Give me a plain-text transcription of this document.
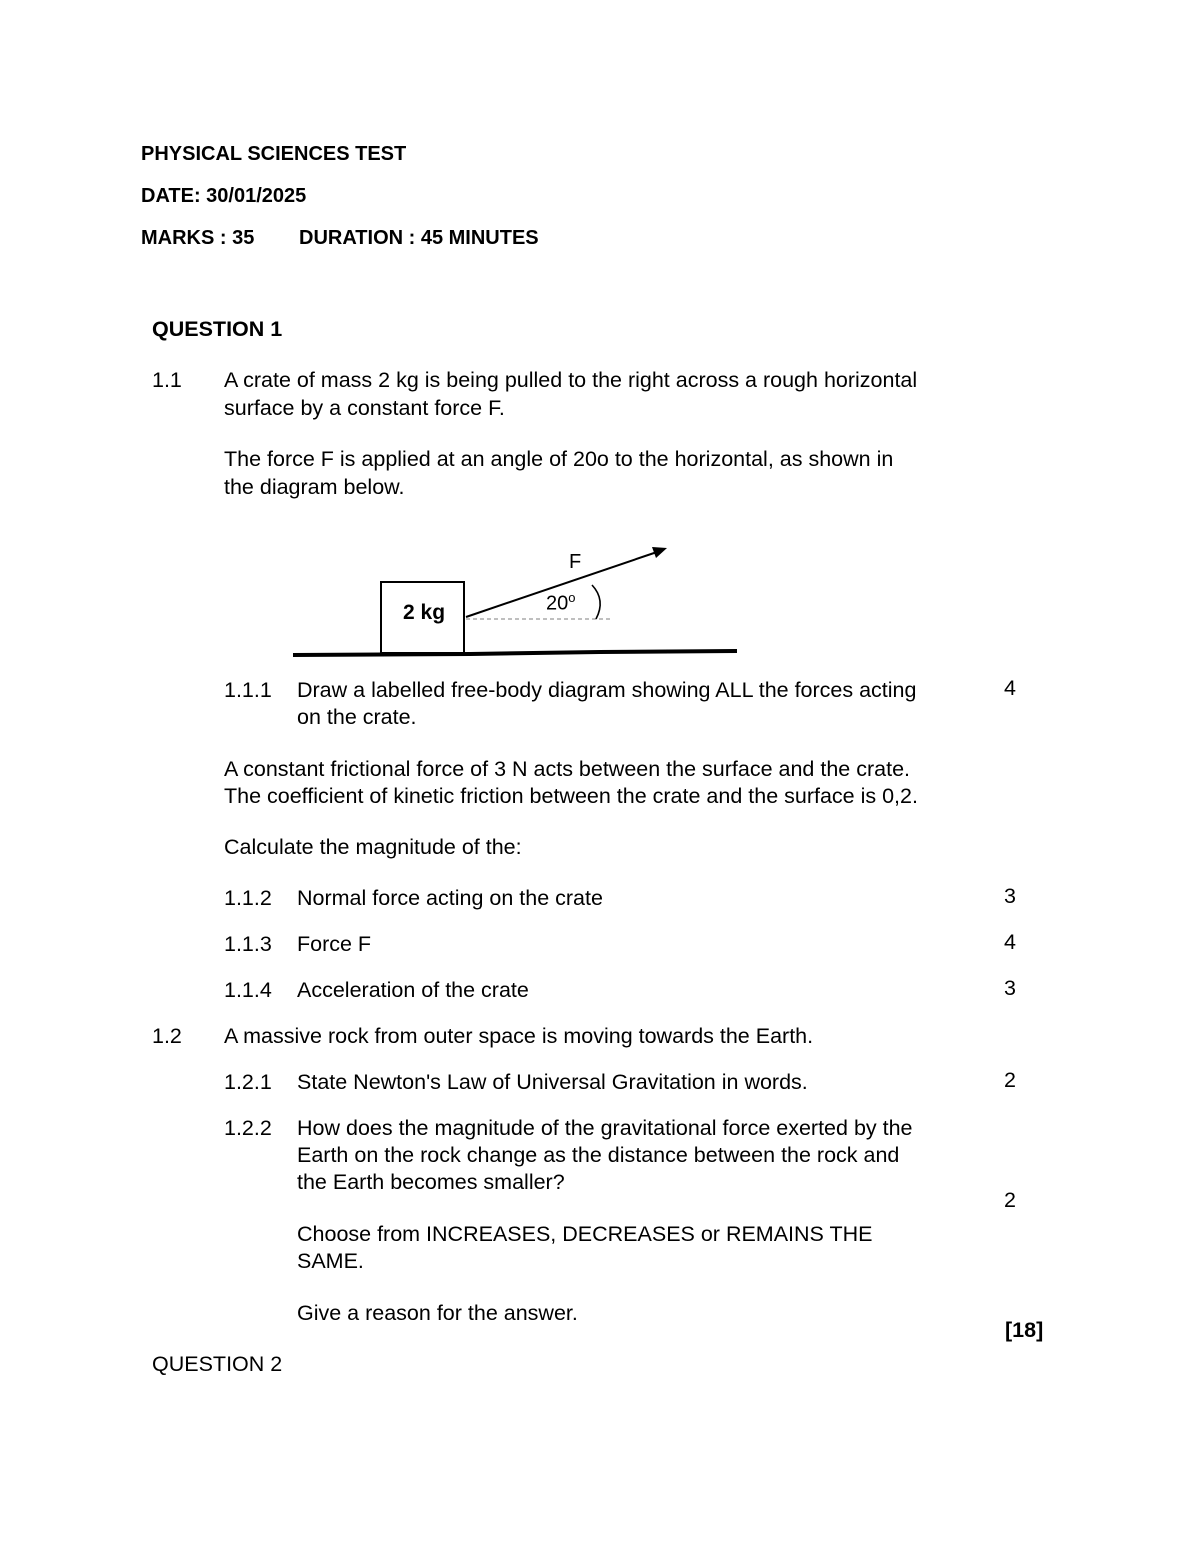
PHYSICAL SCIENCES TEST
DATE: 30/01/2025
MARKS : 35 DURATION : 45 MINUTES
QUESTION 1
1.1 A crate of mass 2 kg is being pulled to the right across a rough horizontal
surface by a constant force F.
The force F is applied at an angle of 20o to the horizontal, as shown in
the diagram below.
2 kg
F
20$^o$
1.1.1 Draw a labelled free-body diagram showing ALL the forces acting
on the crate.
4
A constant frictional force of 3 N acts between the surface and the crate.
The coefficient of kinetic friction between the crate and the surface is 0,2.
Calculate the magnitude of the:
1.1.2 Normal force acting on the crate	3
1.1.3 Force F	4
1.1.4 Acceleration of the crate	3
1.2 A massive rock from outer space is moving towards the Earth.
1.2.1 State Newton's Law of Universal Gravitation in words.	2
1.2.2 How does the magnitude of the gravitational force exerted by the
Earth on the rock change as the distance between the rock and
the Earth becomes smaller?
2
Choose from INCREASES, DECREASES or REMAINS THE
SAME.
Give a reason for the answer.
[18]
QUESTION 2
